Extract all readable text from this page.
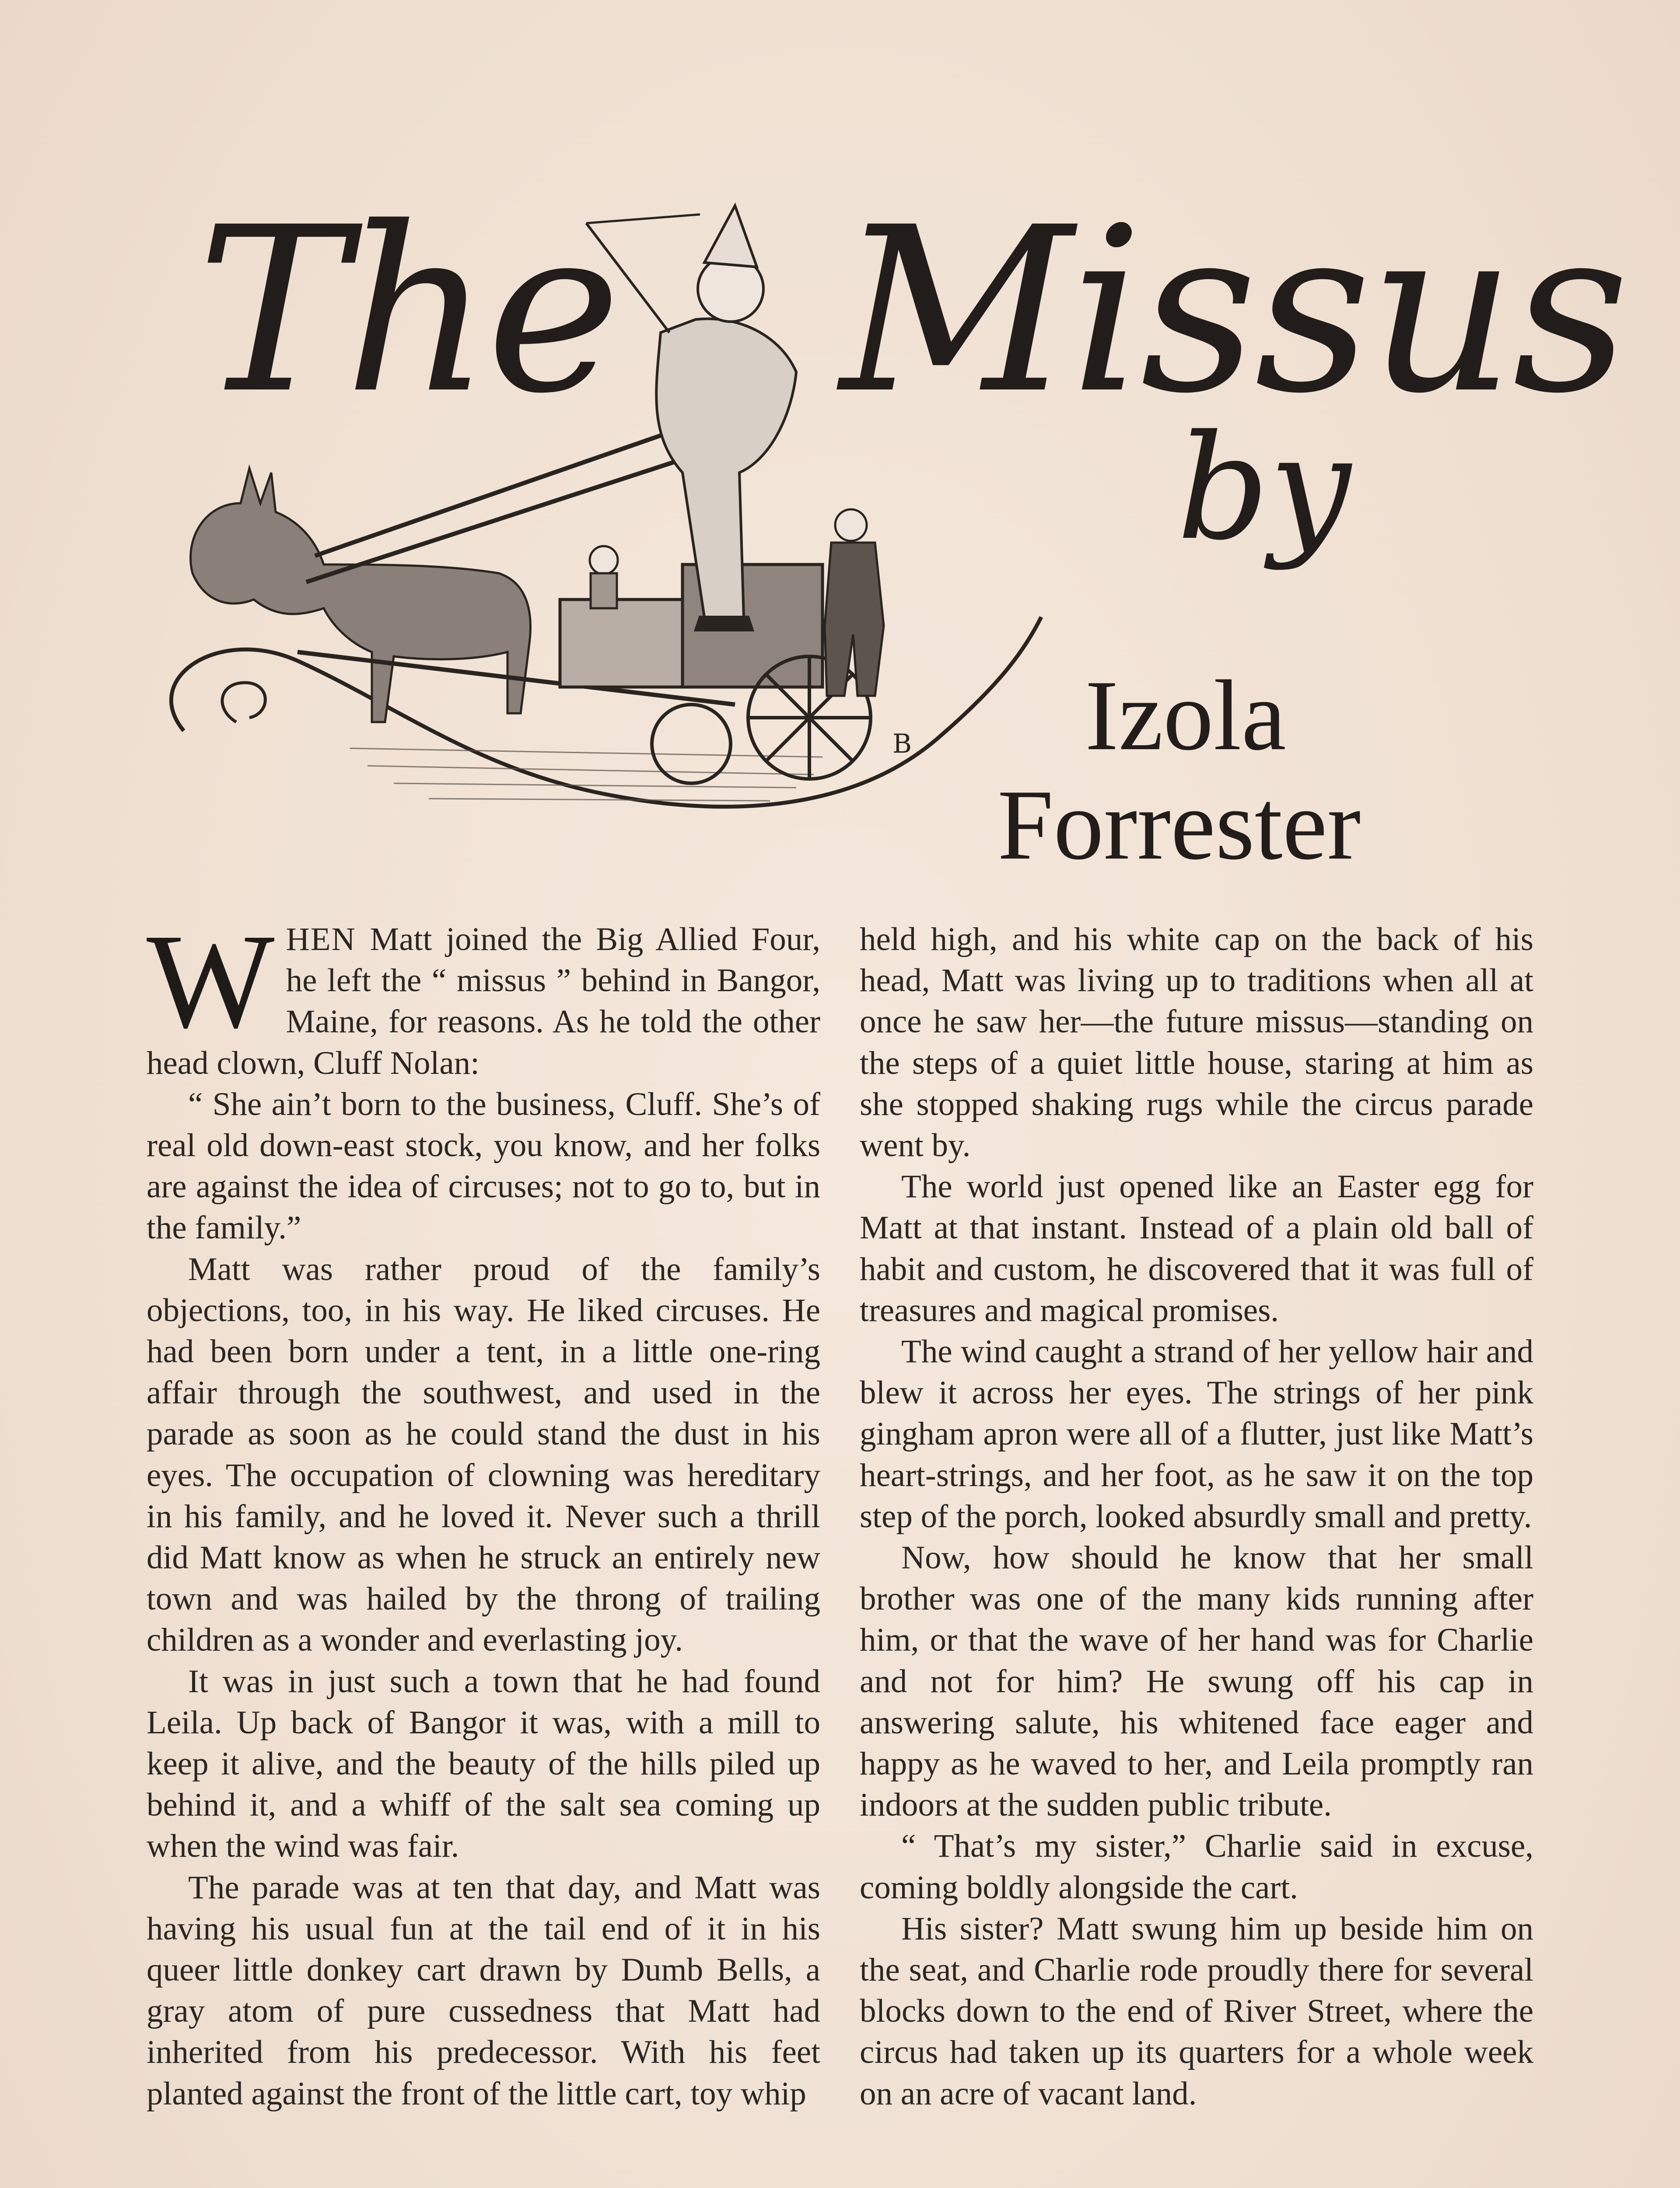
B
The Missus
by
Izola
Forrester

WHEN Matt joined the Big Allied Four, he left the “ missus ” behind in Bangor, Maine, for reasons. As he told the other head clown, Cluff Nolan:

“ She ain’t born to the business, Cluff. She’s of real old down-east stock, you know, and her folks are against the idea of circuses; not to go to, but in the family.”

Matt was rather proud of the family’s objections, too, in his way. He liked circuses. He had been born under a tent, in a little one-ring affair through the southwest, and used in the parade as soon as he could stand the dust in his eyes. The occupation of clowning was hereditary in his family, and he loved it. Never such a thrill did Matt know as when he struck an entirely new town and was hailed by the throng of trailing children as a wonder and everlasting joy.

It was in just such a town that he had found Leila. Up back of Bangor it was, with a mill to keep it alive, and the beauty of the hills piled up behind it, and a whiff of the salt sea coming up when the wind was fair.

The parade was at ten that day, and Matt was having his usual fun at the tail end of it in his queer little donkey cart drawn by Dumb Bells, a gray atom of pure cussedness that Matt had inherited from his predecessor. With his feet planted against the front of the little cart, toy whip

held high, and his white cap on the back of his head, Matt was living up to traditions when all at once he saw her—the future missus—standing on the steps of a quiet little house, staring at him as she stopped shaking rugs while the circus parade went by.

The world just opened like an Easter egg for Matt at that instant. Instead of a plain old ball of habit and custom, he discovered that it was full of treasures and magical promises.

The wind caught a strand of her yellow hair and blew it across her eyes. The strings of her pink gingham apron were all of a flutter, just like Matt’s heart-strings, and her foot, as he saw it on the top step of the porch, looked absurdly small and pretty.

Now, how should he know that her small brother was one of the many kids running after him, or that the wave of her hand was for Charlie and not for him? He swung off his cap in answering salute, his whitened face eager and happy as he waved to her, and Leila promptly ran indoors at the sudden public tribute.

“ That’s my sister,” Charlie said in excuse, coming boldly alongside the cart.

His sister? Matt swung him up beside him on the seat, and Charlie rode proudly there for several blocks down to the end of River Street, where the circus had taken up its quarters for a whole week on an acre of vacant land.
